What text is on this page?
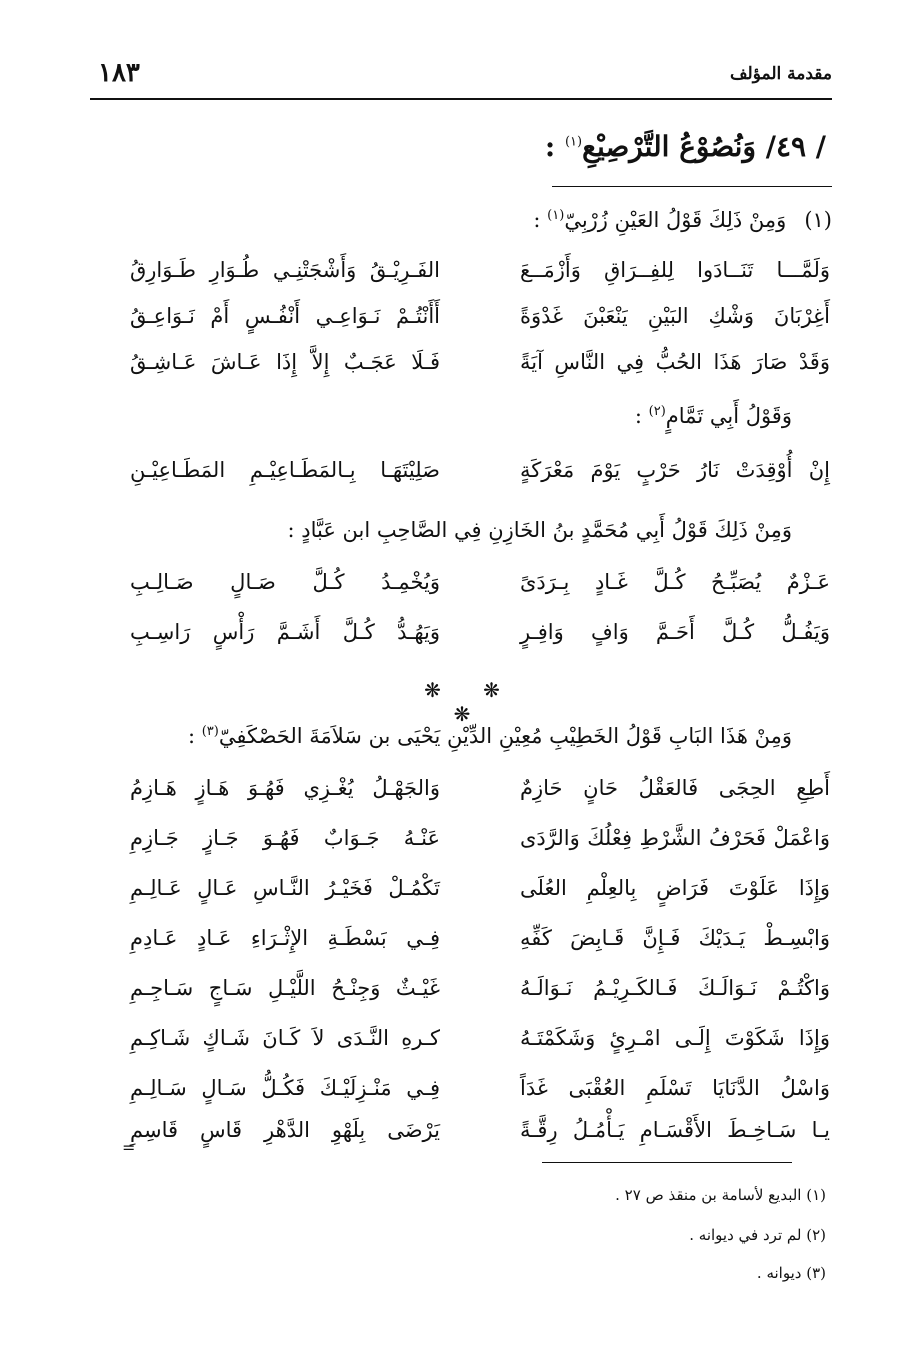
مقدمة المؤلف
١٨٣
/ ٤٩/ وَنُصُوْعُ التَّرْصِيْعِ$^{(١)}$ :
(١)وَمِنْ ذَلِكَ قَوْلُ العَيْنِ زُرْبِيّ$^{(١)}$ :
وَلَمَّـــا تَنَــادَوا لِلفِــرَاقِ وَأَزْمَــعَ
الفَـرِيْـقُ وَأَشْجَتْنِـي طُـوَارِ طَـوَارِقُ
أَغِرْبَانَ وَشْكِ البَيْنِ يَنْعَبْنَ غَدْوَةً
أَأَنْتُـمْ نَـوَاعِـي أَنْفُـسٍ أَمْ نَـوَاعِـقُ
وَقَدْ صَارَ هَذَا الحُبُّ فِي النَّاسِ آيَةً
فَـلَا عَجَـبٌ إِلاَّ إِذَا عَـاشَ عَـاشِـقُ
وَقَوْلُ أَبِي تَمَّامٍ$^{(٢)}$ :
إِنْ أُوْقِدَتْ نَارُ حَرْبٍ يَوْمَ مَعْرَكَةٍ
صَلِيْتَهَـا بِـالمَطَـاعِيْـمِ المَطَـاعِيْـنِ
وَمِنْ ذَلِكَ قَوْلُ أَبِي مُحَمَّدٍ بنُ الخَازِنِ فِي الصَّاحِبِ ابن عَبَّادٍ :
عَـزْمٌ يُصَبِّـحُ كُـلَّ غَـادٍ بِـرَدَىً
وَيُخْمِـدُ كُـلَّ صَـالٍ صَـالِـبِ
وَيَفُـلُّ كُـلَّ أَحَـمَّ وَافٍ وَافِـرٍ
وَيَهُـدُّ كُـلَّ أَشَـمَّ رَأْسٍ رَاسِـبِ
❋ ❋ ❋
وَمِنْ هَذَا البَابِ قَوْلُ الخَطِيْبِ مُعِيْنِ الدِّيْنِ يَحْيَى بن سَلاَمَةَ الحَصْكَفِيّ$^{(٣)}$ :
أَطِعِ الحِجَى فَالعَقْلُ حَانٍ حَازِمٌ
وَالجَهْـلُ يُغْـزِي فَهُـوَ هَـازٍ هَـازِمُ
وَاعْمَلْ فَحَرْفُ الشَّرْطِ فِعْلُكَ وَالرَّدَى
عَنْـهُ جَـوَابٌ فَهُـوَ جَـازٍ جَـازِمِ
وَإِذَا عَلَوْتَ فَرَاضٍ بِالعِلْمِ العُلَى
تَكْمُـلْ فَخَيْـرُ النَّـاسِ عَـالٍ عَـالِـمِ
وَابْسِـطْ يَـدَيْكَ فَـإِنَّ قَـابِضَ كَفِّهِ
فِـي بَسْطَـةِ الإِثْـرَاءِ عَـادٍ عَـادِمِ
وَاكْتُـمْ نَـوَالَـكَ فَـالكَـرِيْـمُ نَـوَالَـهُ
غَيْـثٌ وَجِنْـحُ اللَّيْـلِ سَـاجٍ سَـاجِـمِ
وَإِذَا شَكَوْتَ إِلَـى امْـرِئٍ وَشَكَمْتَـهُ
كـرهِ النَّـدَى لاَ كَـانَ شَـاكٍ شَـاكِـمِ
وَاسْلُ الدَّنَايَا تَسْلَمِ العُقْبَى غَدَاً
فِـي مَنْـزِلَيْـكَ فَكُـلُّ سَـالٍ سَـالِـمِ
يـا سَـاخِـطَ الأَقْسَـامِ يَـأْمُـلُ رِقَّـةً
يَرْضَى بِلَهْوِ الدَّهْرِ قَاسٍ قَاسِمِ
=
(١) البديع لأسامة بن منقذ ص ٢٧ .
(٢) لم ترد في ديوانه .
(٣) ديوانه .
